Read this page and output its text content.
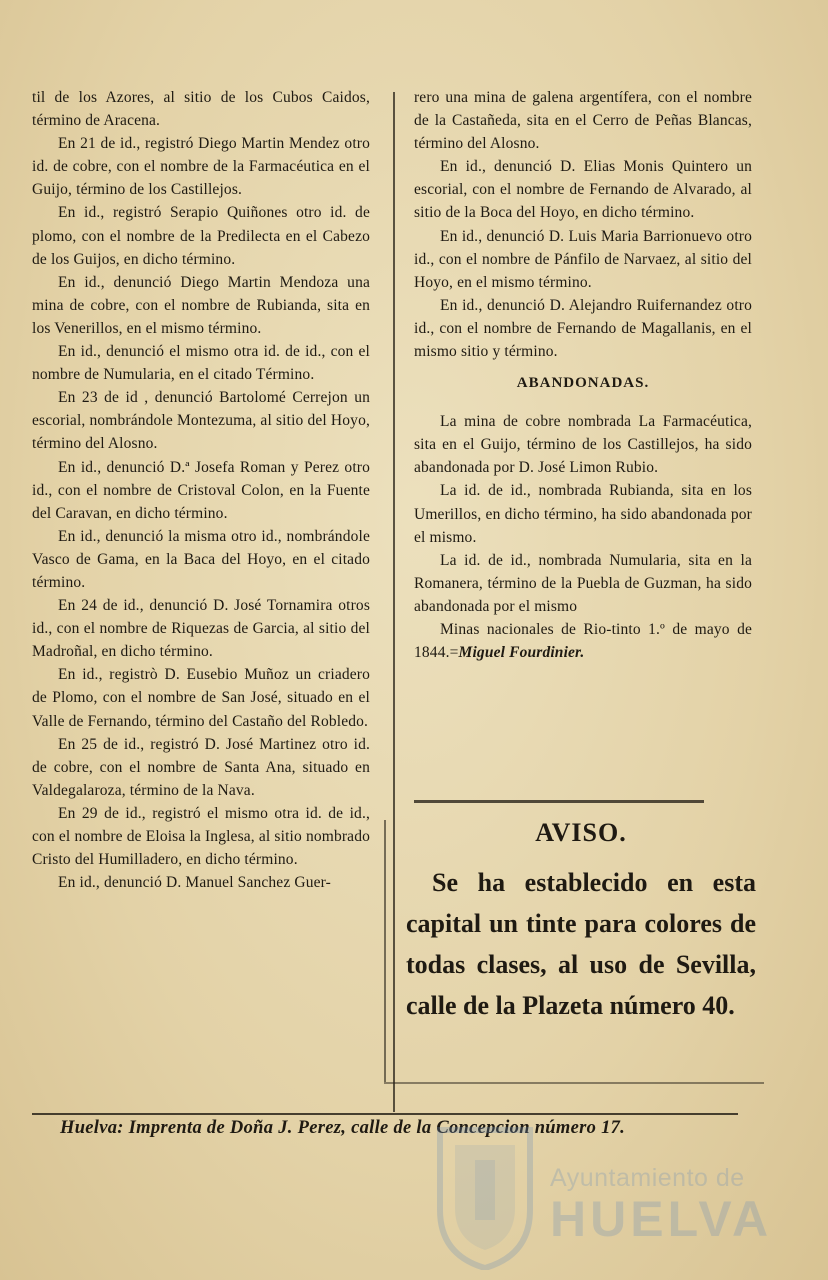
til de los Azores, al sitio de los Cubos Caidos, término de Aracena.

En 21 de id., registró Diego Martin Mendez otro id. de cobre, con el nombre de la Farmacéutica en el Guijo, término de los Castillejos.

En id., registró Serapio Quiñones otro id. de plomo, con el nombre de la Predilecta en el Cabezo de los Guijos, en dicho término.

En id., denunció Diego Martin Mendoza una mina de cobre, con el nombre de Rubianda, sita en los Venerillos, en el mismo término.

En id., denunció el mismo otra id. de id., con el nombre de Numularia, en el citado Término.

En 23 de id , denunció Bartolomé Cerrejon un escorial, nombrándole Montezuma, al sitio del Hoyo, término del Alosno.

En id., denunció D.ª Josefa Roman y Perez otro id., con el nombre de Cristoval Colon, en la Fuente del Caravan, en dicho término.

En id., denunció la misma otro id., nombrándole Vasco de Gama, en la Baca del Hoyo, en el citado término.

En 24 de id., denunció D. José Tornamira otros id., con el nombre de Riquezas de Garcia, al sitio del Madroñal, en dicho término.

En id., registrò D. Eusebio Muñoz un criadero de Plomo, con el nombre de San José, situado en el Valle de Fernando, término del Castaño del Robledo.

En 25 de id., registró D. José Martinez otro id. de cobre, con el nombre de Santa Ana, situado en Valdegalaroza, término de la Nava.

En 29 de id., registró el mismo otra id. de id., con el nombre de Eloisa la Inglesa, al sitio nombrado Cristo del Humilladero, en dicho término.

En id., denunció D. Manuel Sanchez Guer-

rero una mina de galena argentífera, con el nombre de la Castañeda, sita en el Cerro de Peñas Blancas, término del Alosno.

En id., denunció D. Elias Monis Quintero un escorial, con el nombre de Fernando de Alvarado, al sitio de la Boca del Hoyo, en dicho término.

En id., denunció D. Luis Maria Barrionuevo otro id., con el nombre de Pánfilo de Narvaez, al sitio del Hoyo, en el mismo término.

En id., denunció D. Alejandro Ruifernandez otro id., con el nombre de Fernando de Magallanis, en el mismo sitio y término.

ABANDONADAS.

La mina de cobre nombrada La Farmacéutica, sita en el Guijo, término de los Castillejos, ha sido abandonada por D. José Limon Rubio.

La id. de id., nombrada Rubianda, sita en los Umerillos, en dicho término, ha sido abandonada por el mismo.

La id. de id., nombrada Numularia, sita en la Romanera, término de la Puebla de Guzman, ha sido abandonada por el mismo

Minas nacionales de Rio-tinto 1.º de mayo de 1844.=Miguel Fourdinier.

AVISO.

Se ha establecido en esta capital un tinte para colores de todas clases, al uso de Sevilla, calle de la Plazeta número 40.

Huelva: Imprenta de Doña J. Perez, calle de la Concepcion número 17.
Ayuntamiento de
HUELVA
